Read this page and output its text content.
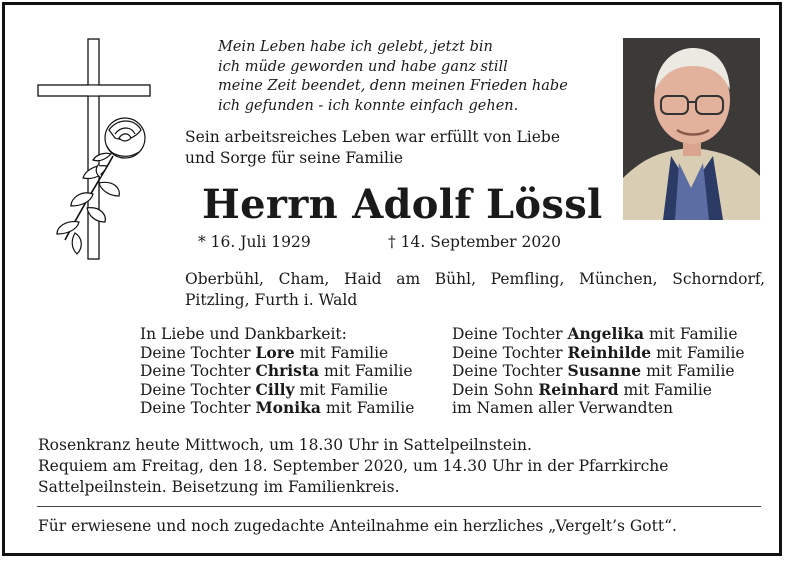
Mein Leben habe ich gelebt, jetzt bin
ich müde geworden und habe ganz still
meine Zeit beendet, denn meinen Frieden habe
ich gefunden - ich konnte einfach gehen.
Sein arbeitsreiches Leben war erfüllt von Liebe
und Sorge für seine Familie
Herrn Adolf Lössl
* 16. Juli 1929	† 14. September 2020
Oberbühl, Cham, Haid am Bühl, Pemfling, München, Schorndorf, Pitzling, Furth i. Wald
In Liebe und Dankbarkeit:
Deine Tochter Lore mit Familie
Deine Tochter Christa mit Familie
Deine Tochter Cilly mit Familie
Deine Tochter Monika mit Familie
Deine Tochter Angelika mit Familie
Deine Tochter Reinhilde mit Familie
Deine Tochter Susanne mit Familie
Dein Sohn Reinhard mit Familie
im Namen aller Verwandten
Rosenkranz heute Mittwoch, um 18.30 Uhr in Sattelpeilnstein.
Requiem am Freitag, den 18. September 2020, um 14.30 Uhr in der Pfarrkirche
Sattelpeilnstein. Beisetzung im Familienkreis.
Für erwiesene und noch zugedachte Anteilnahme ein herzliches „Vergelt’s Gott“.
